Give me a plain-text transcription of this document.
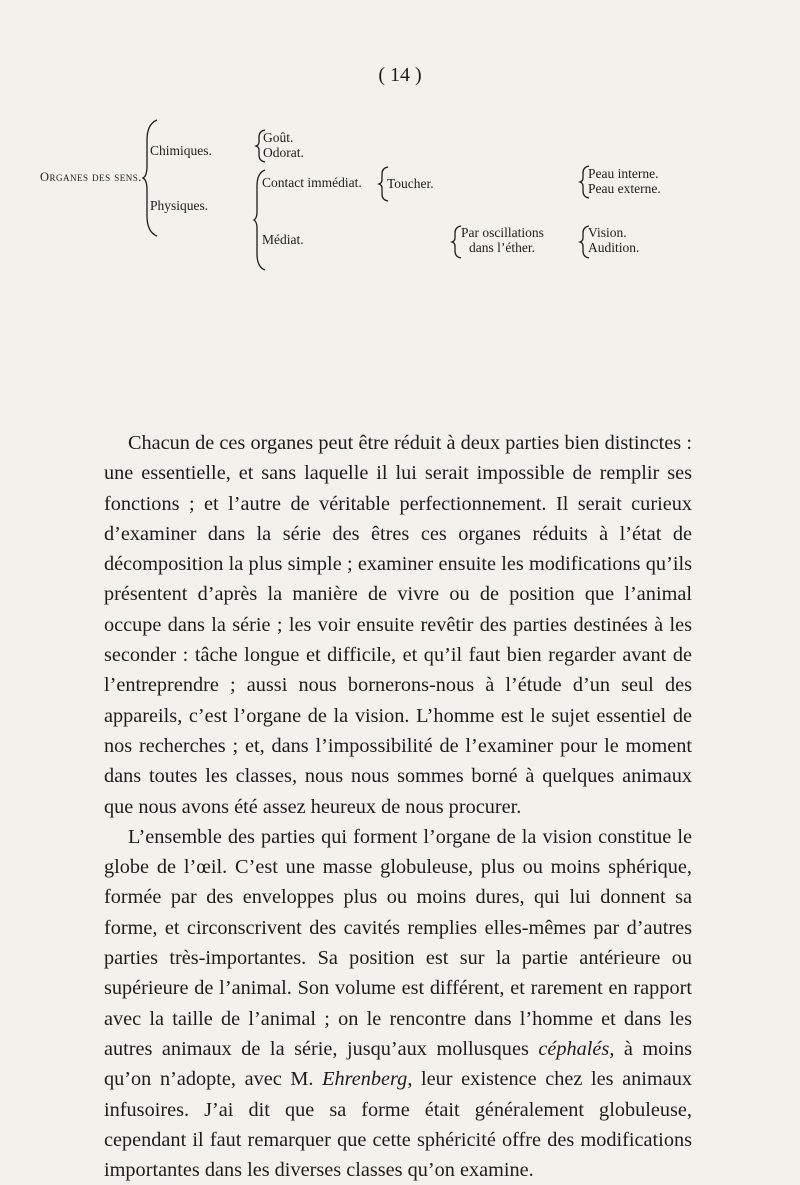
( 14 )
Organes des sens.
Chimiques.
Physiques.
Goût.
Odorat.
Contact immédiat.
Médiat.
Toucher.
Par oscillations
dans l’éther.
Peau interne.
Peau externe.
Vision.
Audition.

Chacun de ces organes peut être réduit à deux parties bien distinctes : une essentielle, et sans laquelle il lui serait impossible de remplir ses fonctions ; et l’autre de véritable perfectionnement. Il serait curieux d’examiner dans la série des êtres ces organes réduits à l’état de décomposition la plus simple ; examiner ensuite les modifications qu’ils présentent d’après la manière de vivre ou de position que l’animal occupe dans la série ; les voir ensuite revêtir des parties destinées à les seconder : tâche longue et difficile, et qu’il faut bien regarder avant de l’entreprendre ; aussi nous bornerons-nous à l’étude d’un seul des appareils, c’est l’organe de la vision. L’homme est le sujet essentiel de nos recherches ; et, dans l’impossibilité de l’examiner pour le moment dans toutes les classes, nous nous sommes borné à quelques animaux que nous avons été assez heureux de nous procurer.

L’ensemble des parties qui forment l’organe de la vision constitue le globe de l’œil. C’est une masse globuleuse, plus ou moins sphérique, formée par des enveloppes plus ou moins dures, qui lui donnent sa forme, et circonscrivent des cavités remplies elles-mêmes par d’autres parties très-importantes. Sa position est sur la partie antérieure ou supérieure de l’animal. Son volume est différent, et rarement en rapport avec la taille de l’animal ; on le rencontre dans l’homme et dans les autres animaux de la série, jusqu’aux mollusques céphalés, à moins qu’on n’adopte, avec M. Ehrenberg, leur existence chez les animaux infusoires. J’ai dit que sa forme était généralement globuleuse, cependant il faut remarquer que cette sphéricité offre des modifications importantes dans les diverses classes qu’on examine.
